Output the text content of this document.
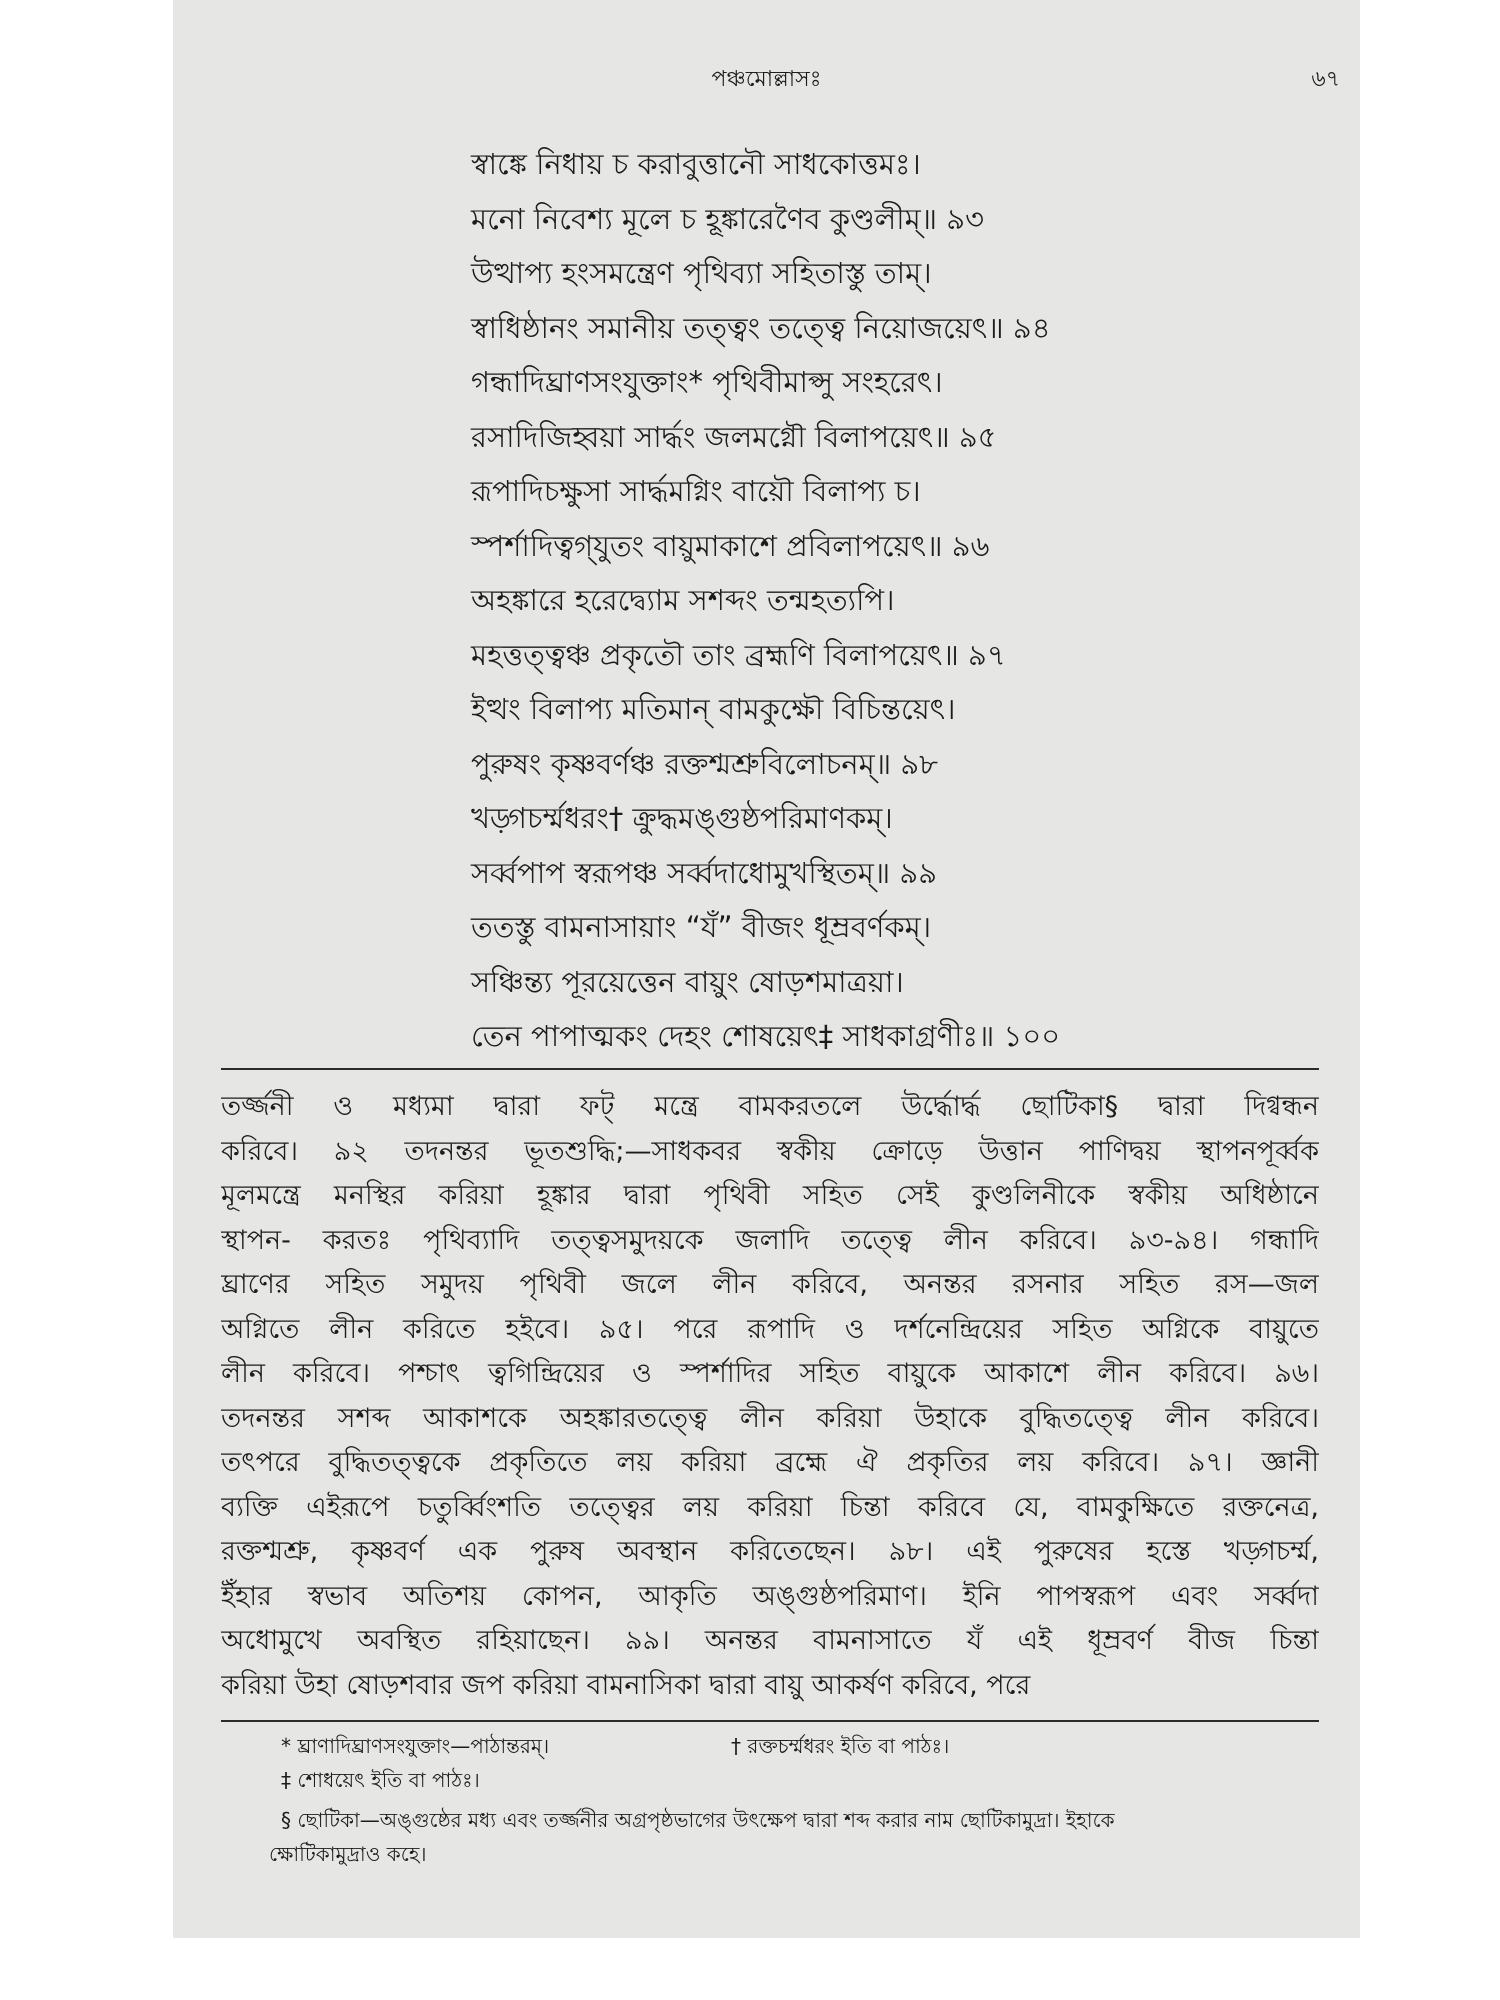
পঞ্চমোল্লাসঃ	৬৭
স্বাঙ্কে নিধায় চ করাবুত্তানৌ সাধকোত্তমঃ।
মনো নিবেশ্য মূলে চ হূঙ্কারেণৈব কুণ্ডলীম্॥ ৯৩
উত্থাপ্য হংসমন্ত্রেণ পৃথিব্যা সহিতাস্তু তাম্।
স্বাধিষ্ঠানং সমানীয় তত্ত্বং তত্ত্বে নিয়োজয়েৎ॥ ৯৪
গন্ধাদিঘ্রাণসংযুক্তাং* পৃথিবীমাপ্সু সংহরেৎ।
রসাদিজিহ্বয়া সার্দ্ধং জলমগ্নৌ বিলাপয়েৎ॥ ৯৫
রূপাদিচক্ষুসা সার্দ্ধমগ্নিং বায়ৌ বিলাপ্য চ।
স্পর্শাদিত্বগ্‌যুতং বায়ুমাকাশে প্রবিলাপয়েৎ॥ ৯৬
অহঙ্কারে হরেদ্ব্যোম সশব্দং তন্মহত্যপি।
মহত্তত্ত্বঞ্চ প্রকৃতৌ তাং ব্রহ্মণি বিলাপয়েৎ॥ ৯৭
ইত্থং বিলাপ্য মতিমান্ বামকুক্ষৌ বিচিন্তয়েৎ।
পুরুষং কৃষ্ণবর্ণঞ্চ রক্তশ্মশ্রুবিলোচনম্॥ ৯৮
খড়্গচর্ম্মধরং† ক্রুদ্ধমঙ্গুষ্ঠপরিমাণকম্।
সর্ব্বপাপ স্বরূপঞ্চ সর্ব্বদাধোমুখস্থিতম্॥ ৯৯
ততস্তু বামনাসায়াং “যঁ” বীজং ধূম্রবর্ণকম্।
সঞ্চিন্ত্য পূরয়েত্তেন বায়ুং ষোড়শমাত্রয়া।
তেন পাপাত্মকং দেহং শোষয়েৎ‡ সাধকাগ্রণীঃ॥ ১০০
তর্জ্জনী ও মধ্যমা দ্বারা ফট্ মন্ত্রে বামকরতলে উর্দ্ধোর্দ্ধ ছোটিকা§ দ্বারা দিগ্বন্ধন
করিবে। ৯২ তদনন্তর ভূতশুদ্ধি;—সাধকবর স্বকীয় ক্রোড়ে উত্তান পাণিদ্বয় স্থাপনপূর্ব্বক
মূলমন্ত্রে মনস্থির করিয়া হূঙ্কার দ্বারা পৃথিবী সহিত সেই কুণ্ডলিনীকে স্বকীয় অধিষ্ঠানে
স্থাপন- করতঃ পৃথিব্যাদি তত্ত্বসমুদয়কে জলাদি তত্ত্বে লীন করিবে। ৯৩-৯৪। গন্ধাদি
ঘ্রাণের সহিত সমুদয় পৃথিবী জলে লীন করিবে, অনন্তর রসনার সহিত রস—জল
অগ্নিতে লীন করিতে হইবে। ৯৫। পরে রূপাদি ও দর্শনেন্দ্রিয়ের সহিত অগ্নিকে বায়ুতে
লীন করিবে। পশ্চাৎ ত্বগিন্দ্রিয়ের ও স্পর্শাদির সহিত বায়ুকে আকাশে লীন করিবে। ৯৬।
তদনন্তর সশব্দ আকাশকে অহঙ্কারতত্ত্বে লীন করিয়া উহাকে বুদ্ধিতত্ত্বে লীন করিবে।
তৎপরে বুদ্ধিতত্ত্বকে প্রকৃতিতে লয় করিয়া ব্রহ্মে ঐ প্রকৃতির লয় করিবে। ৯৭। জ্ঞানী
ব্যক্তি এইরূপে চতুর্ব্বিংশতি তত্ত্বের লয় করিয়া চিন্তা করিবে যে, বামকুক্ষিতে রক্তনেত্র,
রক্তশ্মশ্রু, কৃষ্ণবর্ণ এক পুরুষ অবস্থান করিতেছেন। ৯৮। এই পুরুষের হস্তে খড়্গচর্ম্ম,
ইঁহার স্বভাব অতিশয় কোপন, আকৃতি অঙ্গুষ্ঠপরিমাণ। ইনি পাপস্বরূপ এবং সর্ব্বদা
অধোমুখে অবস্থিত রহিয়াছেন। ৯৯। অনন্তর বামনাসাতে যঁ এই ধূম্রবর্ণ বীজ চিন্তা
করিয়া উহা ষোড়শবার জপ করিয়া বামনাসিকা দ্বারা বায়ু আকর্ষণ করিবে, পরে
* ঘ্রাণাদিঘ্রাণসংযুক্তাং—পাঠান্তরম্।	† রক্তচর্ম্মধরং ইতি বা পাঠঃ।
‡ শোধয়েৎ ইতি বা পাঠঃ।
§ ছোটিকা—অঙ্গুষ্ঠের মধ্য এবং তর্জ্জনীর অগ্রপৃষ্ঠভাগের উৎক্ষেপ দ্বারা শব্দ করার নাম ছোটিকামুদ্রা। ইহাকে
ক্ষোটিকামুদ্রাও কহে।
